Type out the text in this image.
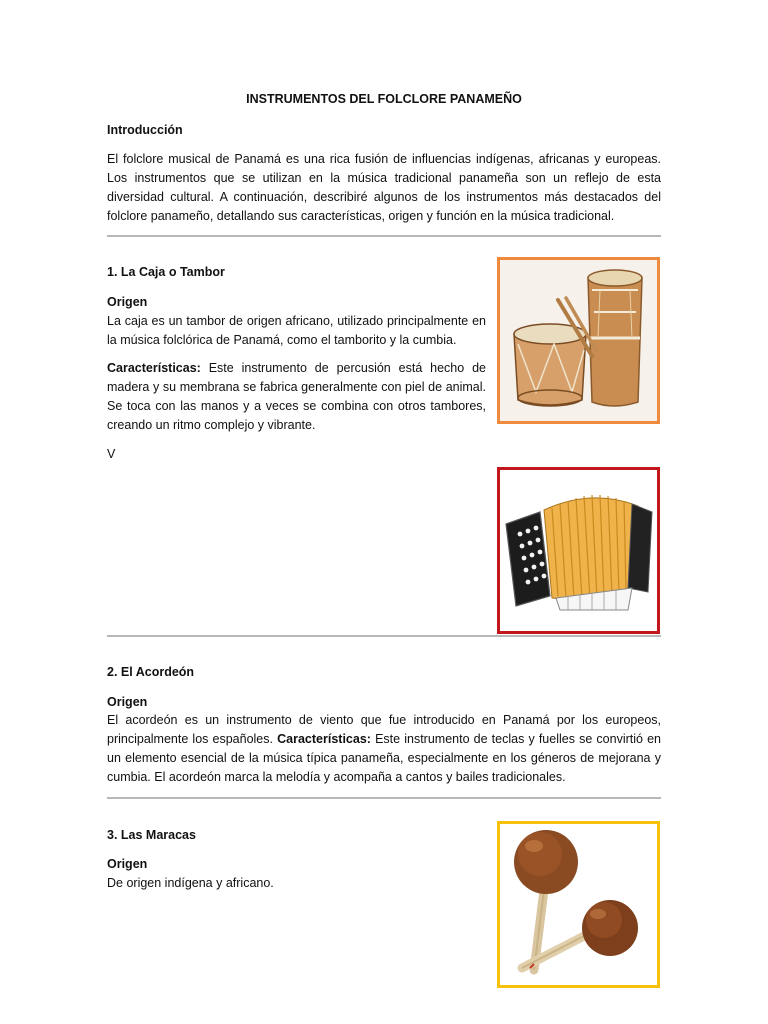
INSTRUMENTOS DEL FOLCLORE PANAMEÑO
Introducción
El folclore musical de Panamá es una rica fusión de influencias indígenas, africanas y europeas. Los instrumentos que se utilizan en la música tradicional panameña son un reflejo de esta diversidad cultural. A continuación, describiré algunos de los instrumentos más destacados del folclore panameño, detallando sus características, origen y función en la música tradicional.
1. La Caja o Tambor
Origen
La caja es un tambor de origen africano, utilizado principalmente en la música folclórica de Panamá, como el tamborito y la cumbia.
Características: Este instrumento de percusión está hecho de madera y su membrana se fabrica generalmente con piel de animal. Se toca con las manos y a veces se combina con otros tambores, creando un ritmo complejo y vibrante.
V
2. El Acordeón
Origen
El acordeón es un instrumento de viento que fue introducido en Panamá por los europeos, principalmente los españoles. Características: Este instrumento de teclas y fuelles se convirtió en un elemento esencial de la música típica panameña, especialmente en los géneros de mejorana y cumbia. El acordeón marca la melodía y acompaña a cantos y bailes tradicionales.
3. Las Maracas
Origen
De origen indígena y africano.
